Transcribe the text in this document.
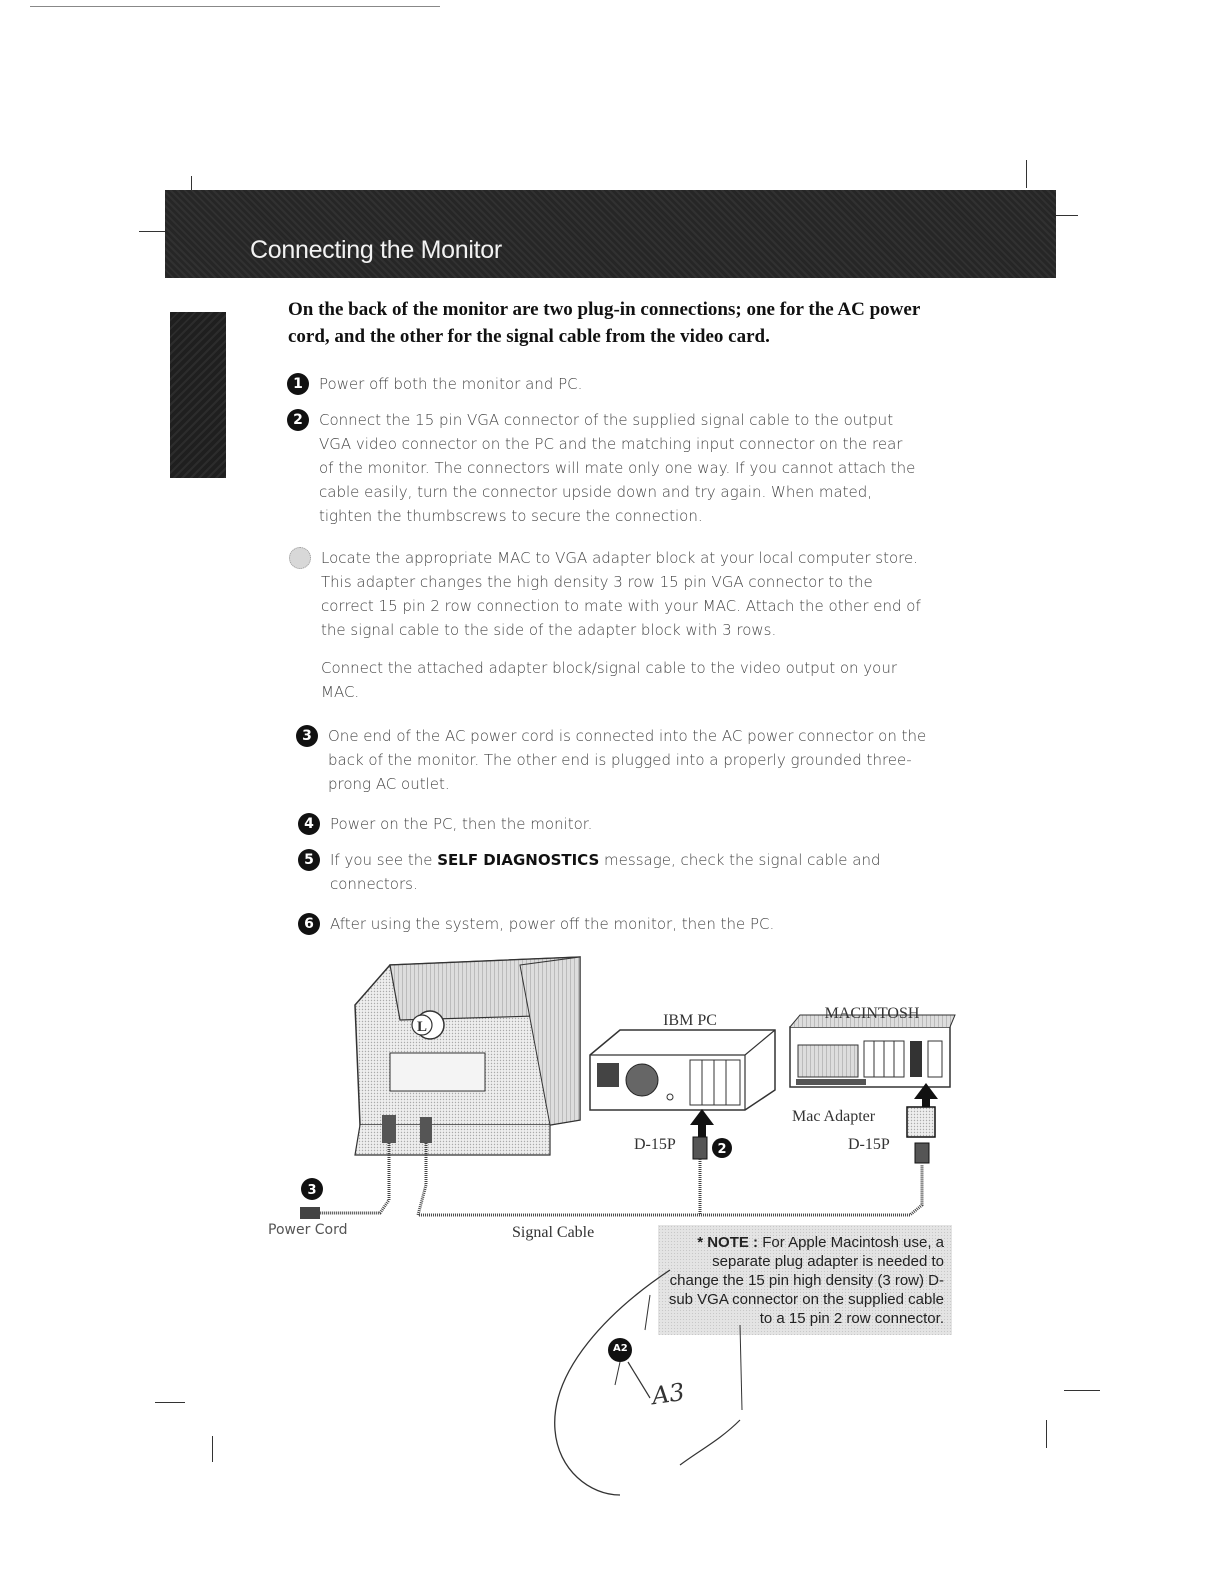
Connecting the Monitor
On the back of the monitor are two plug-in connections; one for the AC power cord, and the other for the signal cable from the video card.
1	Power off both the monitor and PC.
2	Connect the 15 pin VGA connector of the supplied signal cable to the output VGA video connector on the PC and the matching input connector on the rear of the monitor. The connectors will mate only one way. If you cannot attach the cable easily, turn the connector upside down and try again. When mated, tighten the thumbscrews to secure the connection.
Locate the appropriate MAC to VGA adapter block at your local computer store. This adapter changes the high density 3 row 15 pin VGA connector to the correct 15 pin 2 row connection to mate with your MAC. Attach the other end of the signal cable to the side of the adapter block with 3 rows.
Connect the attached adapter block/signal cable to the video output on your MAC.
3	One end of the AC power cord is connected into the AC power connector on the back of the monitor. The other end is plugged into a properly grounded three-prong AC outlet.
4	Power on the PC, then the monitor.
5	If you see the SELF DIAGNOSTICS message, check the signal cable and connectors.
6	After using the system, power off the monitor, then the PC.
L	IBM PC	MACINTOSH
2
3
D-15P
Mac Adapter
D-15P
Power Cord	Signal Cable
* NOTE : For Apple Macintosh use, a separate plug adapter is needed to change the 15 pin high density (3 row) D-sub VGA connector on the supplied cable to a 15 pin 2 row connector.
A2
A3
